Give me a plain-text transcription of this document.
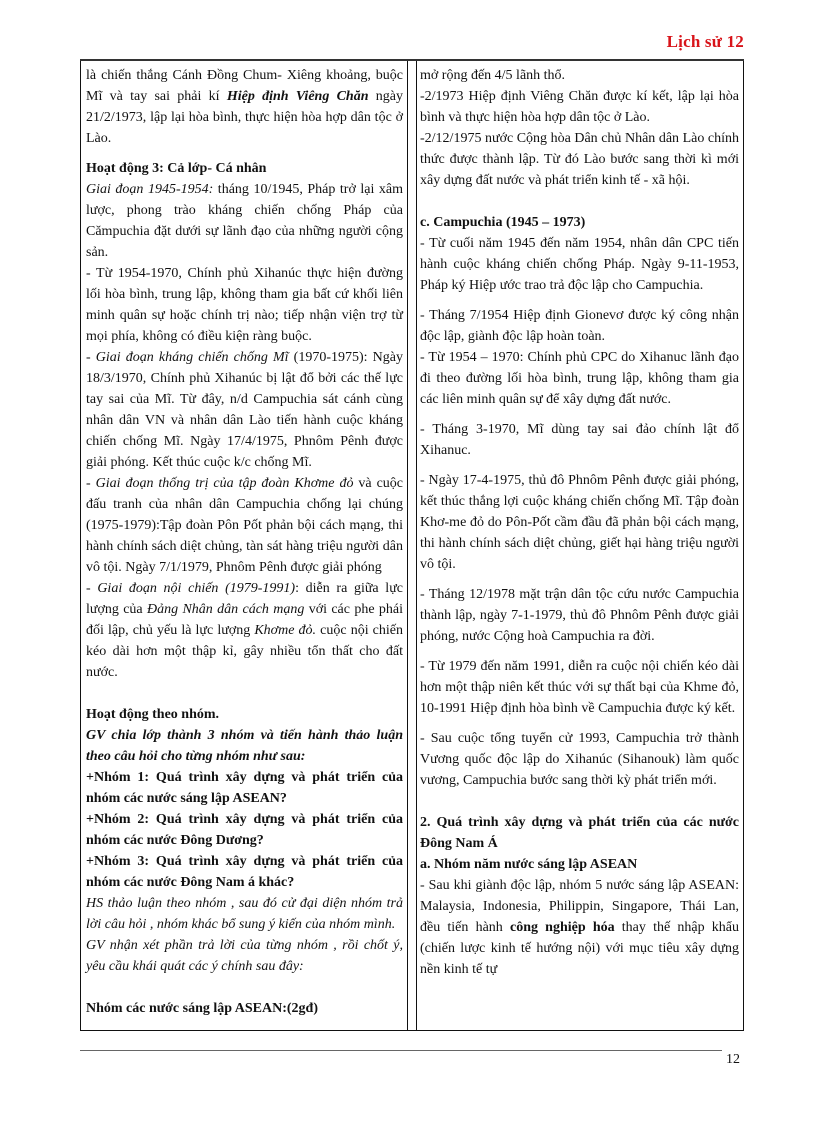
Lịch sử 12

là chiến thắng Cánh Đồng Chum- Xiêng khoảng, buộc Mĩ và tay sai phải kí Hiệp định Viêng Chăn ngày 21/2/1973, lập lại hòa bình, thực hiện hòa hợp dân tộc ở Lào.

Hoạt động 3: Cả lớp- Cá nhân

Giai đoạn 1945-1954: tháng 10/1945, Pháp trở lại xâm lược, phong trào kháng chiến chống Pháp của Cămpuchia đặt dưới sự lãnh đạo của những người cộng sản.

- Từ 1954-1970, Chính phủ Xihanúc thực hiện đường lối hòa bình, trung lập, không tham gia bất cứ khối liên minh quân sự hoặc chính trị nào; tiếp nhận viện trợ từ mọi phía, không có điều kiện ràng buộc.

- Giai đoạn kháng chiến chống Mĩ (1970-1975): Ngày 18/3/1970, Chính phủ Xihanúc bị lật đổ bởi các thế lực tay sai của Mĩ. Từ đây, n/d Campuchia sát cánh cùng nhân dân VN và nhân dân Lào tiến hành cuộc kháng chiến chống Mĩ. Ngày 17/4/1975, Phnôm Pênh được giải phóng. Kết thúc cuộc k/c chống Mĩ.

- Giai đoạn thống trị của tập đoàn Khơme đỏ và cuộc đấu tranh của nhân dân Campuchia chống lại chúng (1975-1979):Tập đoàn Pôn Pốt phản bội cách mạng, thi hành chính sách diệt chủng, tàn sát hàng triệu người dân vô tội. Ngày 7/1/1979, Phnôm Pênh được giải phóng

- Giai đoạn nội chiến (1979-1991): diễn ra giữa lực lượng của Đảng Nhân dân cách mạng với các phe phái đối lập, chủ yếu là lực lượng Khơme đỏ. cuộc nội chiến kéo dài hơn một thập kỉ, gây nhiều tổn thất cho đất nước.

Hoạt động theo nhóm.

GV chia lớp thành 3 nhóm và tiến hành thảo luận theo câu hỏi cho từng nhóm như sau:

+Nhóm 1: Quá trình xây dựng và phát triển của nhóm các nước sáng lập ASEAN?

+Nhóm 2: Quá trình xây dựng và phát triển của nhóm các nước Đông Dương?

+Nhóm 3: Quá trình xây dựng và phát triển của nhóm các nước Đông Nam á khác?

HS thảo luận theo nhóm , sau đó cử đại diện nhóm trả lời câu hỏi , nhóm khác bổ sung ý kiến của nhóm mình.

GV nhận xét phần trả lời của từng nhóm , rồi chốt ý, yêu cầu khái quát các ý chính sau đây:

Nhóm các nước sáng lập ASEAN:(2gđ)

mở rộng đến 4/5 lãnh thổ.

-2/1973 Hiệp định Viêng Chăn được kí kết, lập lại hòa bình và thực hiện hòa hợp dân tộc ở Lào.

-2/12/1975 nước Cộng hòa Dân chủ Nhân dân Lào chính thức được thành lập. Từ đó Lào bước sang thời kì mới xây dựng đất nước và phát triển kinh tế - xã hội.

c. Campuchia (1945 – 1973)

- Từ cuối năm 1945 đến năm 1954, nhân dân CPC tiến hành cuộc kháng chiến chống Pháp. Ngày 9-11-1953, Pháp ký Hiệp ước trao trả độc lập cho Campuchia.

- Tháng 7/1954 Hiệp định Gionevơ được ký công nhận độc lập, giành độc lập hoàn toàn.

- Từ 1954 – 1970: Chính phủ CPC do Xihanuc lãnh đạo đi theo đường lối hòa bình, trung lập, không tham gia các liên minh quân sự để xây dựng đất nước.

- Tháng 3-1970, Mĩ dùng tay sai đảo chính lật đổ Xihanuc.

- Ngày 17-4-1975, thủ đô Phnôm Pênh được giải phóng, kết thúc thắng lợi cuộc kháng chiến chống Mĩ. Tập đoàn Khơ-me đỏ do Pôn-Pốt cầm đầu đã phản bội cách mạng, thi hành chính sách diệt chủng, giết hại hàng triệu người vô tội.

- Tháng 12/1978 mặt trận dân tộc cứu nước Campuchia thành lập, ngày 7-1-1979, thủ đô Phnôm Pênh được giải phóng, nước Cộng hoà Campuchia ra đời.

- Từ 1979 đến năm 1991, diễn ra cuộc nội chiến kéo dài hơn một thập niên kết thúc với sự thất bại của Khme đỏ, 10-1991 Hiệp định hòa bình về Campuchia được ký kết.

- Sau cuộc tổng tuyển cử 1993, Campuchia trở thành Vương quốc độc lập do Xihanúc (Sihanouk) làm quốc vương, Campuchia bước sang thời kỳ phát triển mới.

2. Quá trình xây dựng và phát triển của các nước Đông Nam Á

a. Nhóm năm nước sáng lập ASEAN

- Sau khi giành độc lập, nhóm 5 nước sáng lập ASEAN: Malaysia, Indonesia, Philippin, Singapore, Thái Lan, đều tiến hành công nghiệp hóa thay thế nhập khẩu (chiến lược kinh tế hướng nội) với mục tiêu xây dựng nền kinh tế tự

12
